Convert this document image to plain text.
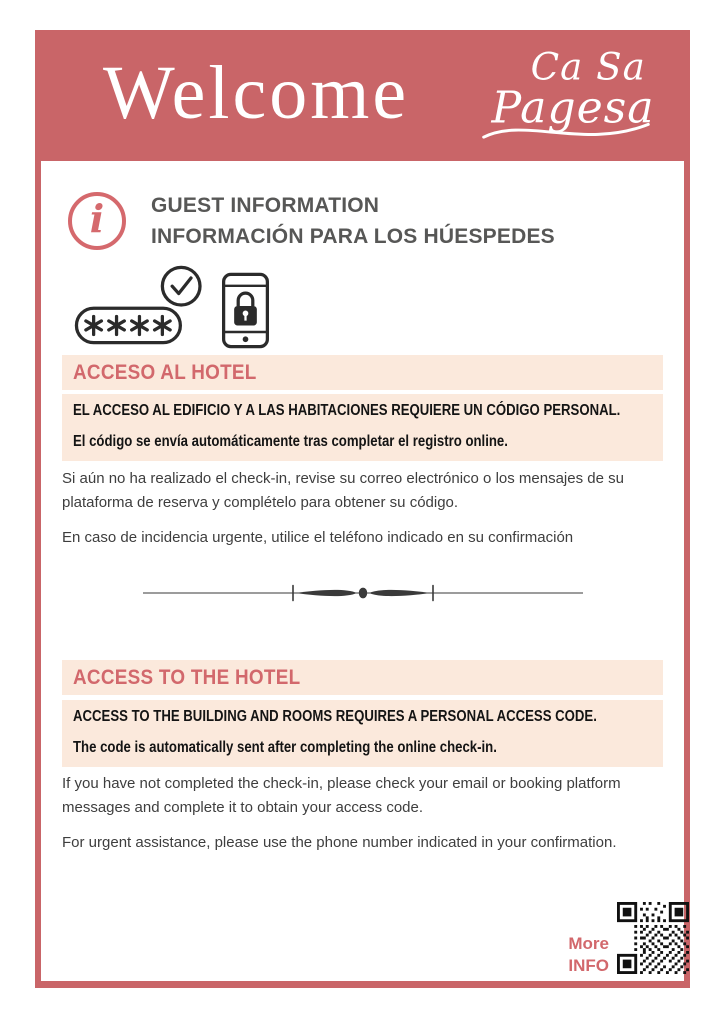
Welcome	Ca Sa
Pagesa
i GUEST INFORMATION
INFORMACIÓN PARA LOS HÚESPEDES
ACCESO AL HOTEL

EL ACCESO AL EDIFICIO Y A LAS HABITACIONES REQUIERE UN CÓDIGO PERSONAL.

El código se envía automáticamente tras completar el registro online.

Si aún no ha realizado el check-in, revise su correo electrónico o los mensajes de su plataforma de reserva y complételo para obtener su código.

En caso de incidencia urgente, utilice el teléfono indicado en su confirmación

ACCESS TO THE HOTEL

ACCESS TO THE BUILDING AND ROOMS REQUIRES A PERSONAL ACCESS CODE.

The code is automatically sent after completing the online check-in.

If you have not completed the check-in, please check your email or booking platform messages and complete it to obtain your access code.

For urgent assistance, please use the phone number indicated in your confirmation.

More
INFO
